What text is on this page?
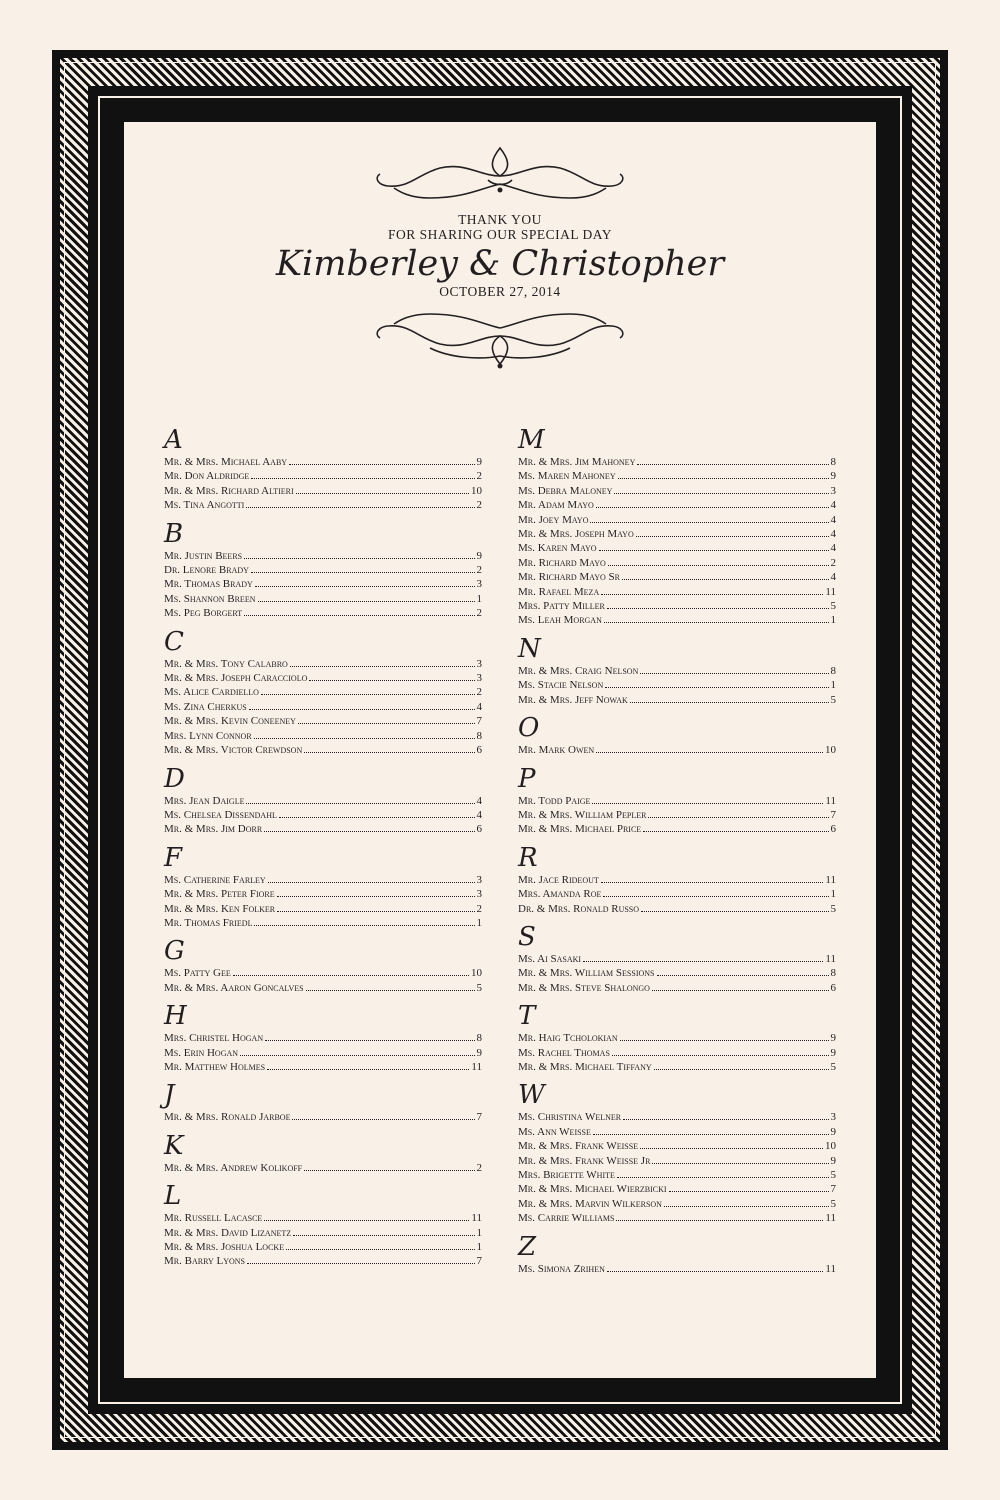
THANK YOU
FOR SHARING OUR SPECIAL DAY
Kimberley & Christopher
OCTOBER 27, 2014
A
Mr. & Mrs. Michael Aaby	9
Mr. Don Aldridge	2
Mr. & Mrs. Richard Altieri	10
Ms. Tina Angotti	2
B
Mr. Justin Beers	9
Dr. Lenore Brady	2
Mr. Thomas Brady	3
Ms. Shannon Breen	1
Ms. Peg Borgert	2
C
Mr. & Mrs. Tony Calabro	3
Mr. & Mrs. Joseph Caracciolo	3
Ms. Alice Cardiello	2
Ms. Zina Cherkus	4
Mr. & Mrs. Kevin Coneeney	7
Mrs. Lynn Connor	8
Mr. & Mrs. Victor Crewdson	6
D
Mrs. Jean Daigle	4
Ms. Chelsea Dissendahl	4
Mr. & Mrs. Jim Dorr	6
F
Ms. Catherine Farley	3
Mr. & Mrs. Peter Fiore	3
Mr. & Mrs. Ken Folker	2
Mr. Thomas Friedl	1
G
Ms. Patty Gee	10
Mr. & Mrs. Aaron Goncalves	5
H
Mrs. Christel Hogan	8
Ms. Erin Hogan	9
Mr. Matthew Holmes	11
J
Mr. & Mrs. Ronald Jarboe	7
K
Mr. & Mrs. Andrew Kolikoff	2
L
Mr. Russell Lacasce	11
Mr. & Mrs. David Lizanetz	1
Mr. & Mrs. Joshua Locke	1
Mr. Barry Lyons	7
M
Mr. & Mrs. Jim Mahoney	8
Ms. Maren Mahoney	9
Ms. Debra Maloney	3
Mr. Adam Mayo	4
Mr. Joey Mayo	4
Mr. & Mrs. Joseph Mayo	4
Ms. Karen Mayo	4
Mr. Richard Mayo	2
Mr. Richard Mayo Sr	4
Mr. Rafael Meza	11
Mrs. Patty Miller	5
Ms. Leah Morgan	1
N
Mr. & Mrs. Craig Nelson	8
Ms. Stacie Nelson	1
Mr. & Mrs. Jeff Nowak	5
O
Mr. Mark Owen	10
P
Mr. Todd Paige	11
Mr. & Mrs. William Pepler	7
Mr. & Mrs. Michael Price	6
R
Mr. Jace Rideout	11
Mrs. Amanda Roe	1
Dr. & Mrs. Ronald Russo	5
S
Ms. Ai Sasaki	11
Mr. & Mrs. William Sessions	8
Mr. & Mrs. Steve Shalongo	6
T
Mr. Haig Tcholokian	9
Ms. Rachel Thomas	9
Mr. & Mrs. Michael Tiffany	5
W
Ms. Christina Welner	3
Ms. Ann Weisse	9
Mr. & Mrs. Frank Weisse	10
Mr. & Mrs. Frank Weisse Jr	9
Mrs. Brigette White	5
Mr. & Mrs. Michael Wierzbicki	7
Mr. & Mrs. Marvin Wilkerson	5
Ms. Carrie Williams	11
Z
Ms. Simona Zrihen	11
